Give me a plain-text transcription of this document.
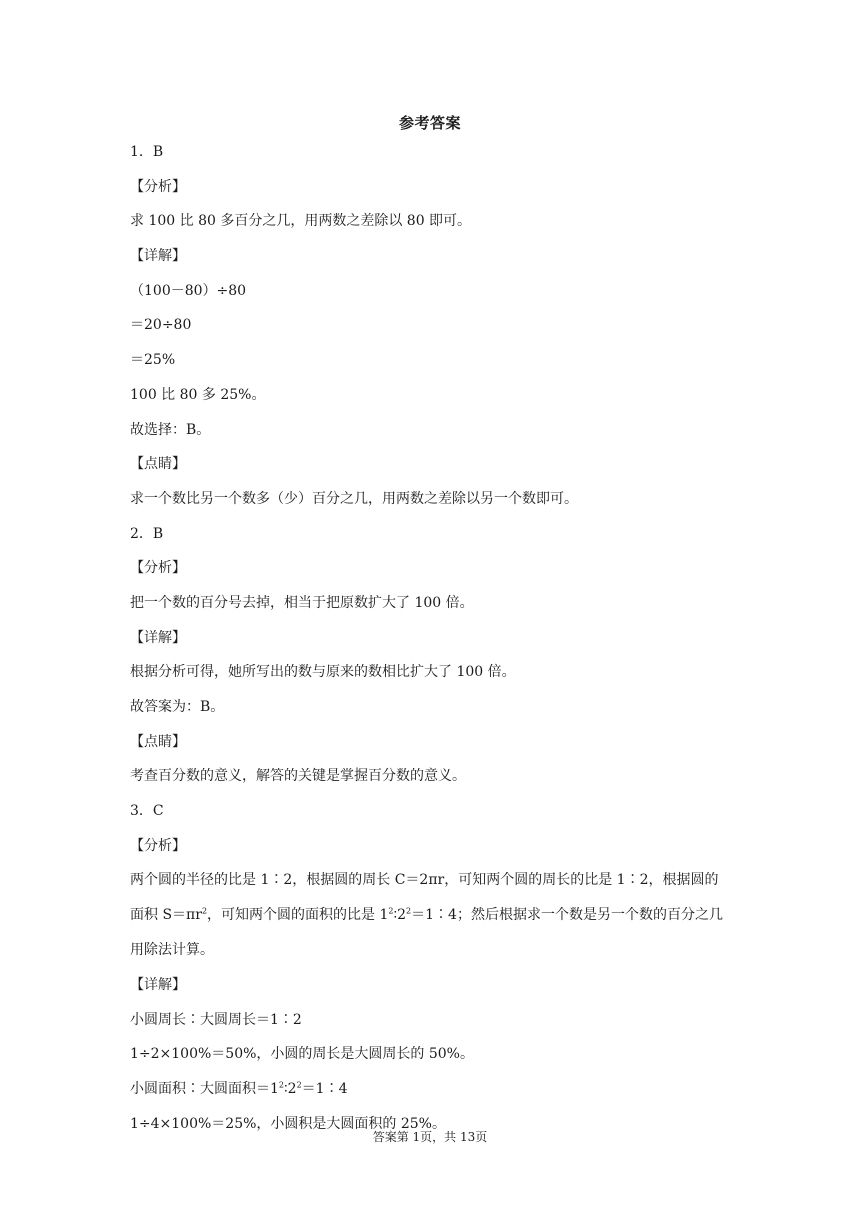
参考答案
1．B
【分析】
求 100 比 80 多百分之几，用两数之差除以 80 即可。
【详解】
（100－80）÷80
＝20÷80
＝25%
100 比 80 多 25%。
故选择：B。
【点睛】
求一个数比另一个数多（少）百分之几，用两数之差除以另一个数即可。
2．B
【分析】
把一个数的百分号去掉，相当于把原数扩大了 100 倍。
【详解】
根据分析可得，她所写出的数与原来的数相比扩大了 100 倍。
故答案为：B。
【点睛】
考查百分数的意义，解答的关键是掌握百分数的意义。
3．C
【分析】
两个圆的半径的比是 1∶2，根据圆的周长 C＝2πr，可知两个圆的周长的比是 1∶2，根据圆的面积 $S=\pi r^2$，可知两个圆的面积的比是 $1^2∶2^2=1∶4$；然后根据求一个数是另一个数的百分之几用除法计算。
【详解】
小圆周长∶大圆周长＝1∶2
1÷2×100%＝50%，小圆的周长是大圆周长的 50%。
小圆面积∶大圆面积$=1^2∶2^2=1∶4$
1÷4×100%＝25%，小圆积是大圆面积的 25%。
答案第 1页，共 13页
